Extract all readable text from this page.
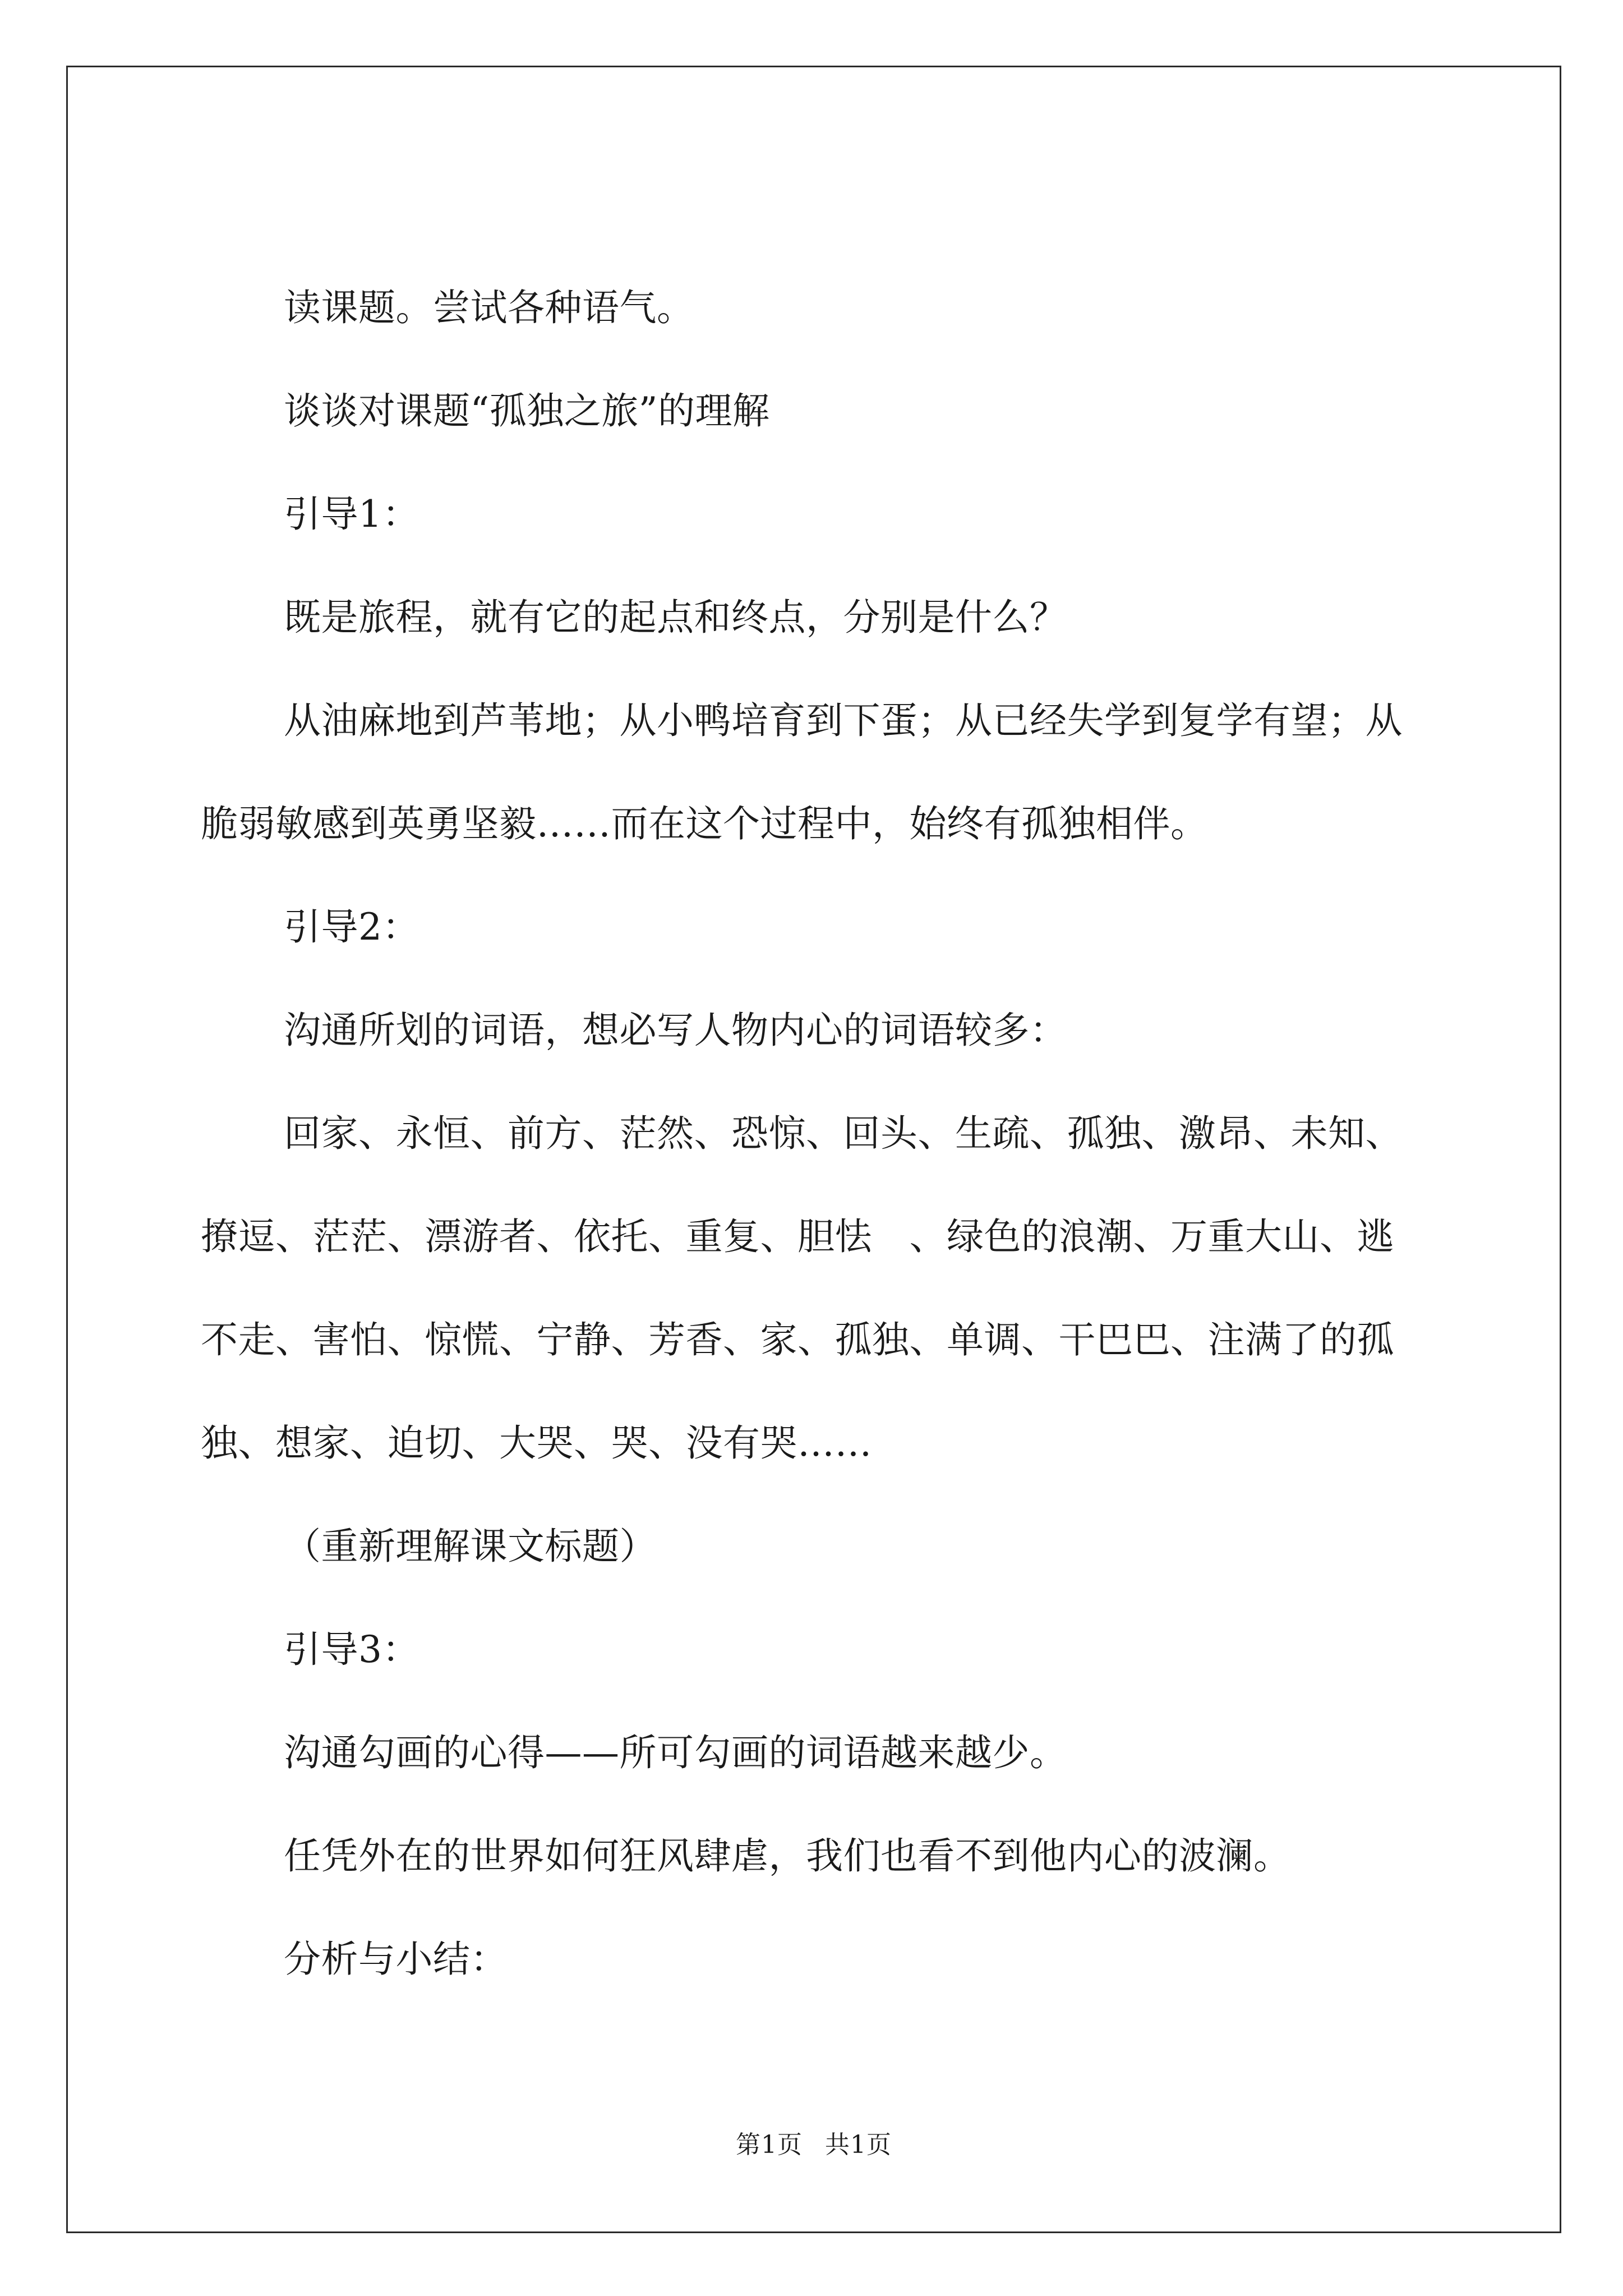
读课题。尝试各种语气。

谈谈对课题“孤独之旅”的理解

引导1：

既是旅程，就有它的起点和终点，分别是什么？

从油麻地到芦苇地；从小鸭培育到下蛋；从已经失学到复学有望；从脆弱敏感到英勇坚毅……而在这个过程中，始终有孤独相伴。

引导2：

沟通所划的词语，想必写人物内心的词语较多：

回家、永恒、前方、茫然、恐惊、回头、生疏、孤独、激昂、未知、撩逗、茫茫、漂游者、依托、重复、胆怯　、绿色的浪潮、万重大山、逃不走、害怕、惊慌、宁静、芳香、家、孤独、单调、干巴巴、注满了的孤独、想家、迫切、大哭、哭、没有哭……

（重新理解课文标题）

引导3：

沟通勾画的心得——所可勾画的词语越来越少。

任凭外在的世界如何狂风肆虐，我们也看不到他内心的波澜。

分析与小结：

第1页 共1页
